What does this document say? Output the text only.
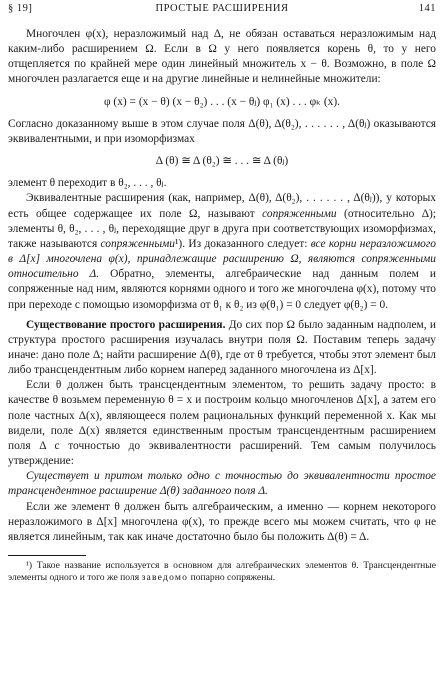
§ 19]	ПРОСТЫЕ РАСШИРЕНИЯ	141

Многочлен φ(x), неразложимый над Δ, не обязан оставаться неразложимым над каким-либо расширением Ω. Если в Ω у него появляется корень θ, то у него отщепляется по крайней мере один линейный множитель x − θ. Возможно, в поле Ω многочлен разлагается еще и на другие линейные и нелинейные множители:

φ (x) = (x − θ) (x − θ₂) . . . (x − θⱼ) φ₁ (x) . . . φₖ (x).

Согласно доказанному выше в этом случае поля Δ(θ), Δ(θ₂), . . . . . . , Δ(θⱼ) оказываются эквивалентными, и при изоморфизмах

Δ (θ) ≅ Δ (θ₂) ≅ . . . ≅ Δ (θⱼ)

элемент θ переходит в θ₂, . . . , θⱼ.

Эквивалентные расширения (как, например, Δ(θ), Δ(θ₂), . . . . . . , Δ(θⱼ)), у которых есть общее содержащее их поле Ω, называют сопряженными (относительно Δ); элементы θ, θ₂, . . . , θⱼ, переходящие друг в друга при соответствующих изоморфизмах, также называются сопряженными¹). Из доказанного следует: все корни неразложимого в Δ[x] многочлена φ(x), принадлежащие расширению Ω, являются сопряженными относительно Δ. Обратно, элементы, алгебраические над данным полем и сопряженные над ним, являются корнями одного и того же многочлена φ(x), потому что при переходе с помощью изоморфизма от θ₁ к θ₂ из φ(θ₁) = 0 следует φ(θ₂) = 0.

Существование простого расширения. До сих пор Ω было заданным надполем, и структура простого расширения изучалась внутри поля Ω. Поставим теперь задачу иначе: дано поле Δ; найти расширение Δ(θ), где от θ требуется, чтобы этот элемент был либо трансцендентным либо корнем наперед заданного многочлена из Δ[x].

Если θ должен быть трансцендентным элементом, то решить задачу просто: в качестве θ возьмем переменную θ = x и построим кольцо многочленов Δ[x], а затем его поле частных Δ(x), являющееся полем рациональных функций переменной x. Как мы видели, поле Δ(x) является единственным простым трансцендентным расширением поля Δ с точностью до эквивалентности расширений. Тем самым получилось утверждение:

Существует и притом только одно с точностью до эквивалентности простое трансцендентное расширение Δ(θ) заданного поля Δ.

Если же элемент θ должен быть алгебраическим, а именно — корнем некоторого неразложимого в Δ[x] многочлена φ(x), то прежде всего мы можем считать, что φ не является линейным, так как иначе достаточно было бы положить Δ(θ) = Δ.

¹) Такое название используется в основном для алгебраических элементов θ. Трансцендентные элементы одного и того же поля заведомо попарно сопряжены.
